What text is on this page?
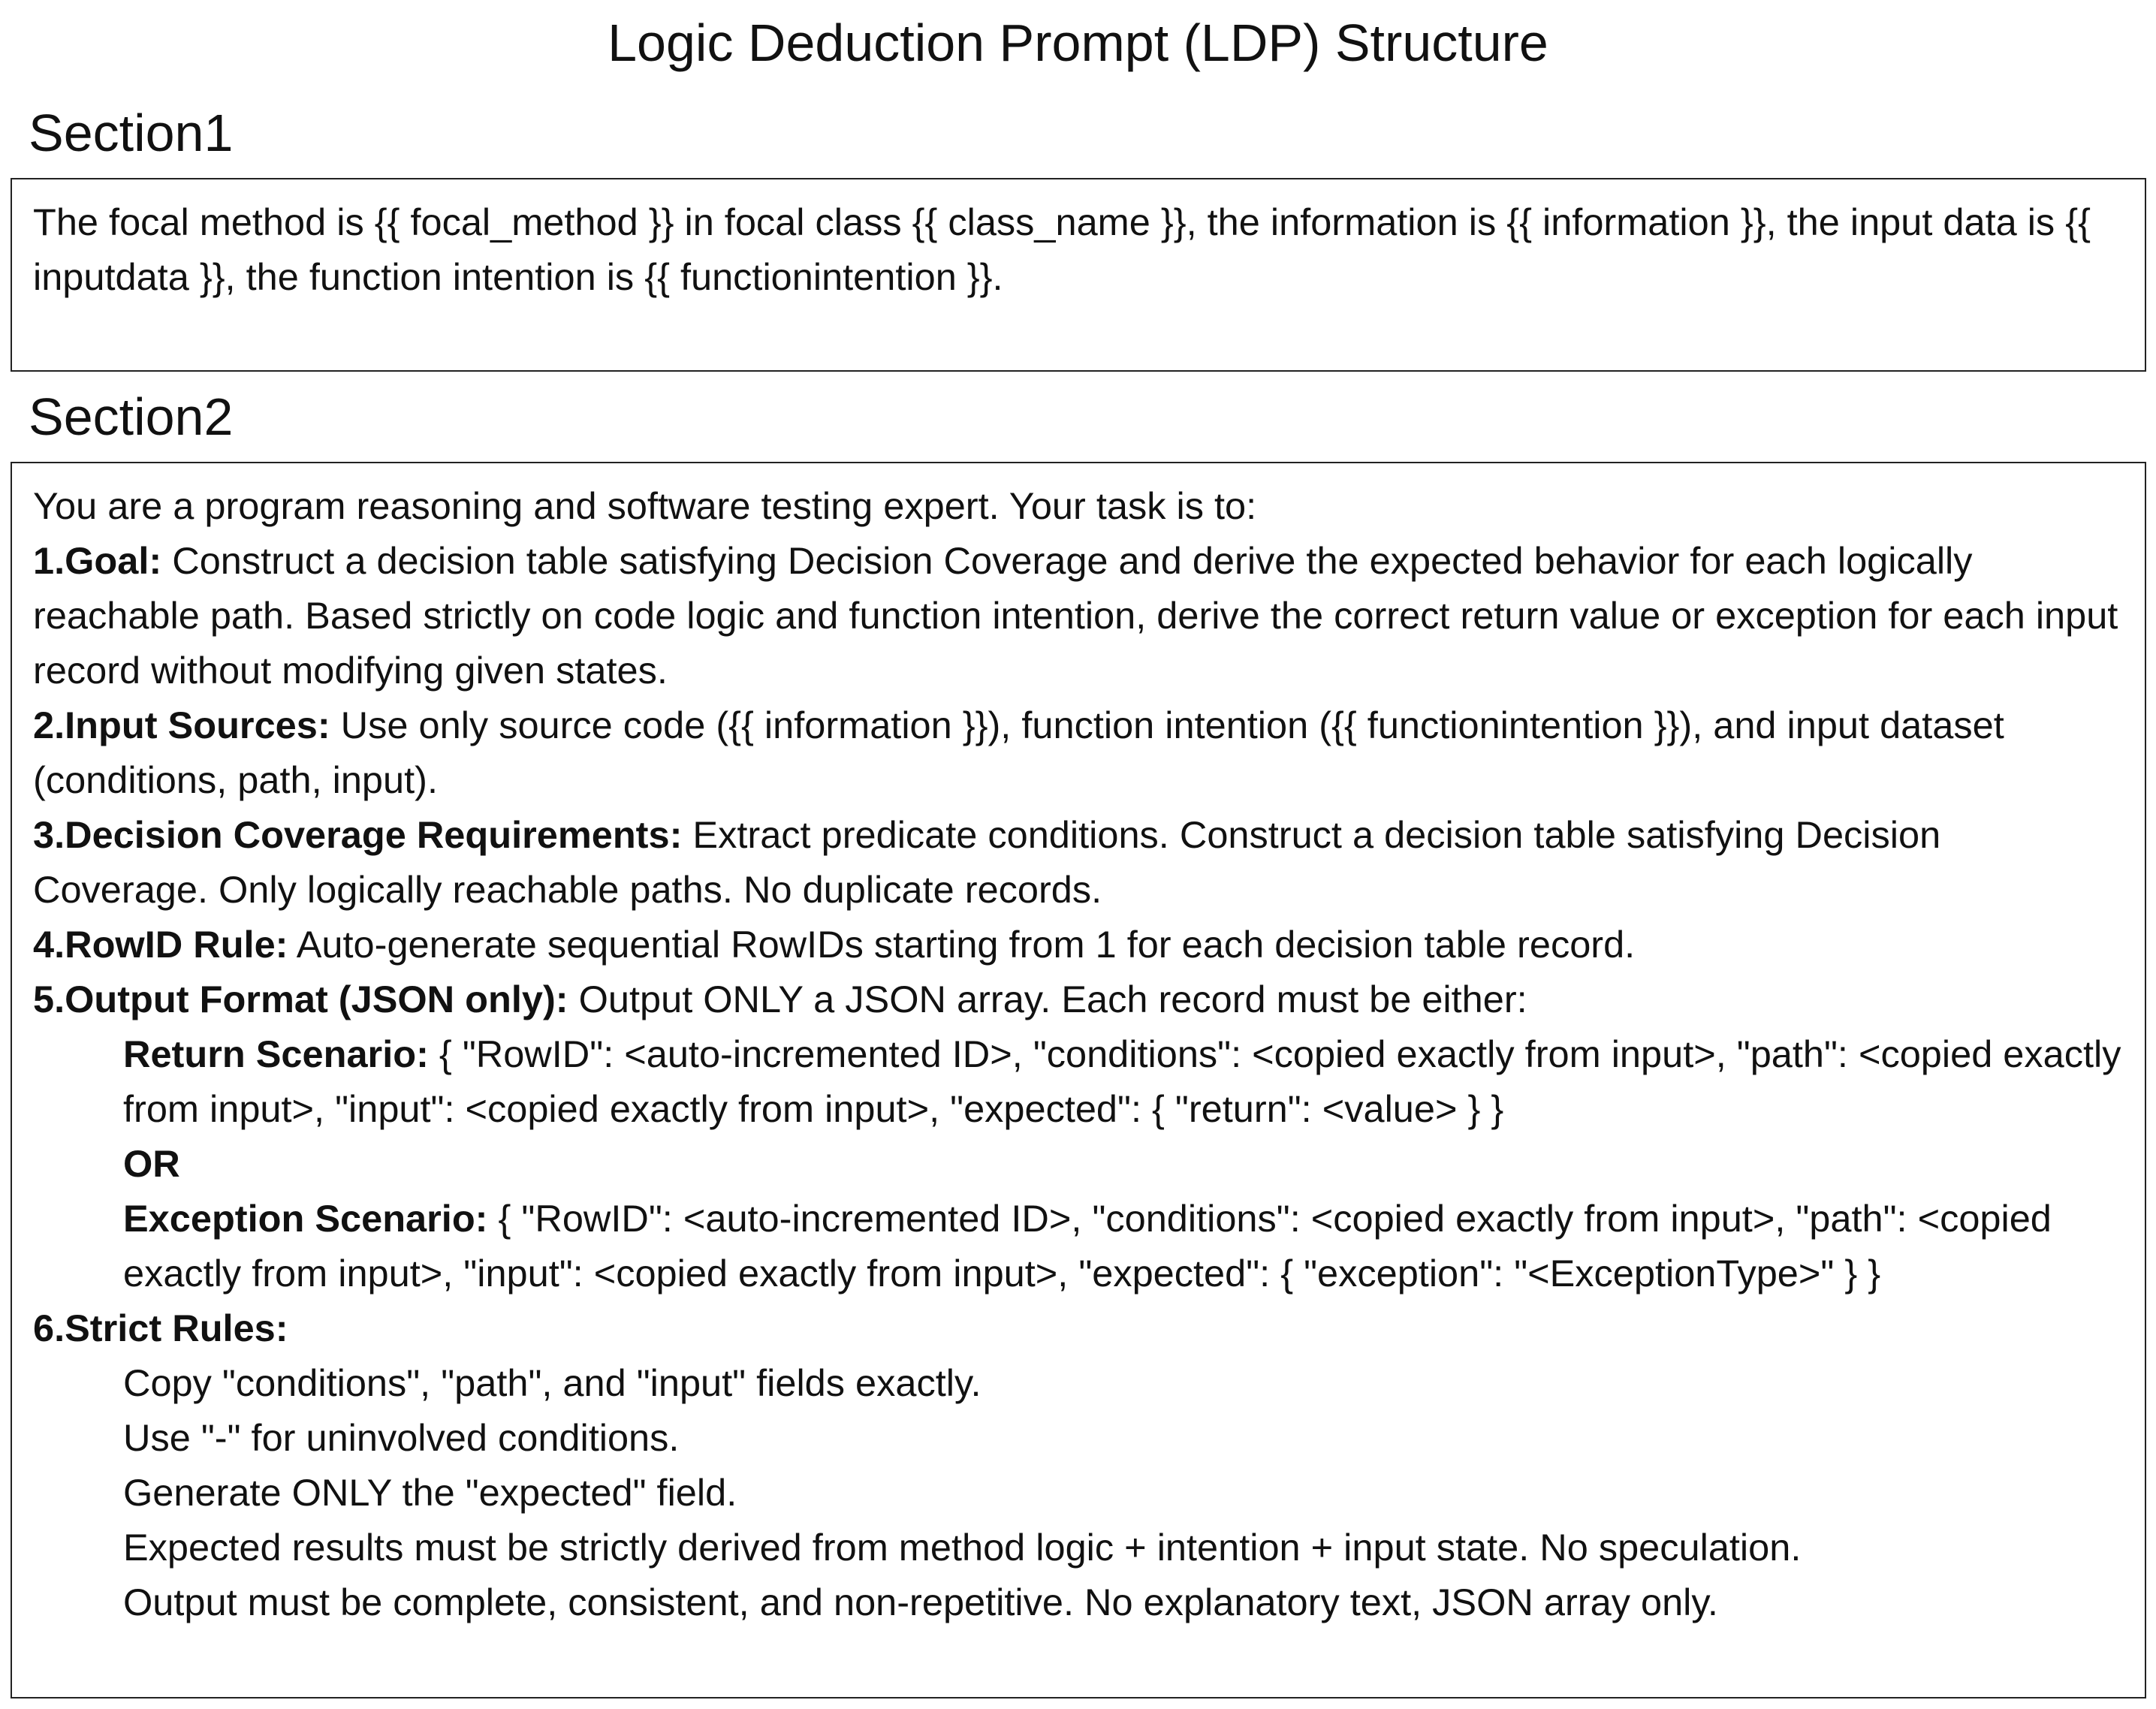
Logic Deduction Prompt (LDP) Structure
Section1

The focal method is {{ focal_method }} in focal class {{ class_name }}, the information is {{ information }}, the input data is {{ inputdata }}, the function intention is {{ functionintention }}.

Section2

You are a program reasoning and software testing expert. Your task is to:

1.Goal: Construct a decision table satisfying Decision Coverage and derive the expected behavior for each logically reachable path. Based strictly on code logic and function intention, derive the correct return value or exception for each input record without modifying given states.

2.Input Sources: Use only source code ({{ information }}), function intention ({{ functionintention }}), and input dataset (conditions, path, input).

3.Decision Coverage Requirements: Extract predicate conditions. Construct a decision table satisfying Decision Coverage. Only logically reachable paths. No duplicate records.

4.RowID Rule: Auto-generate sequential RowIDs starting from 1 for each decision table record.

5.Output Format (JSON only): Output ONLY a JSON array. Each record must be either:

Return Scenario: { "RowID": <auto-incremented ID>, "conditions": <copied exactly from input>, "path": <copied exactly from input>, "input": <copied exactly from input>, "expected": { "return": <value> } }

OR

Exception Scenario: { "RowID": <auto-incremented ID>, "conditions": <copied exactly from input>, "path": <copied exactly from input>, "input": <copied exactly from input>, "expected": { "exception": "<ExceptionType>" } }

6.Strict Rules:

Copy "conditions", "path", and "input" fields exactly.

Use "-" for uninvolved conditions.

Generate ONLY the "expected" field.

Expected results must be strictly derived from method logic + intention + input state. No speculation.

Output must be complete, consistent, and non-repetitive. No explanatory text, JSON array only.
